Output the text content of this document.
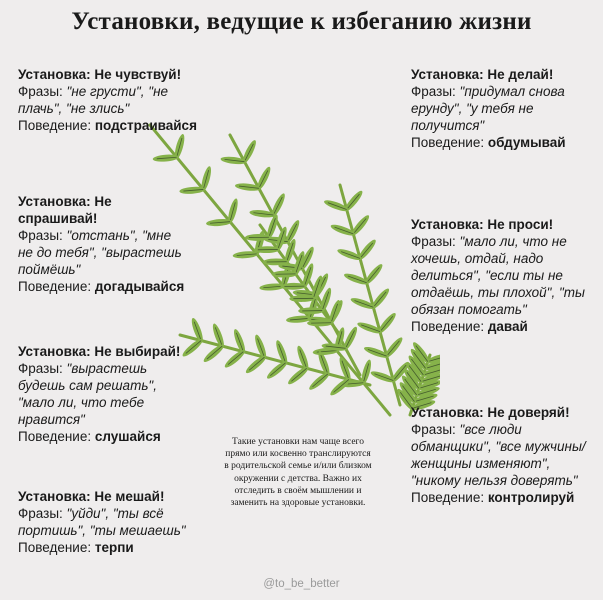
Установки, ведущие к избеганию жизни
Установка: Не чувствуй!
Фразы: "не грусти", "не плачь", "не злись"
Поведение: подстраивайся
Установка: Не спрашивай!
Фразы: "отстань", "мне не до тебя", "вырастешь поймёшь"
Поведение: догадывайся
Установка: Не выбирай!
Фразы: "вырастешь будешь сам решать", "мало ли, что тебе нравится"
Поведение: слушайся
Установка: Не мешай!
Фразы: "уйди", "ты всё портишь", "ты мешаешь"
Поведение: терпи
Установка: Не делай!
Фразы: "придумал снова ерунду", "у тебя не получится"
Поведение: обдумывай
Установка: Не проси!
Фразы: "мало ли, что не хочешь, отдай, надо делиться", "если ты не отдаёшь, ты плохой", "ты обязан помогать"
Поведение: давай
Установка: Не доверяй!
Фразы: "все люди обманщики", "все мужчины/женщины изменяют", "никому нельзя доверять"
Поведение: контролируй
Такие установки нам чаще всего прямо или косвенно транслируются в родительской семье и/или близком окружении с детства. Важно их отследить в своём мышлении и заменить на здоровые установки.
@to_be_better
